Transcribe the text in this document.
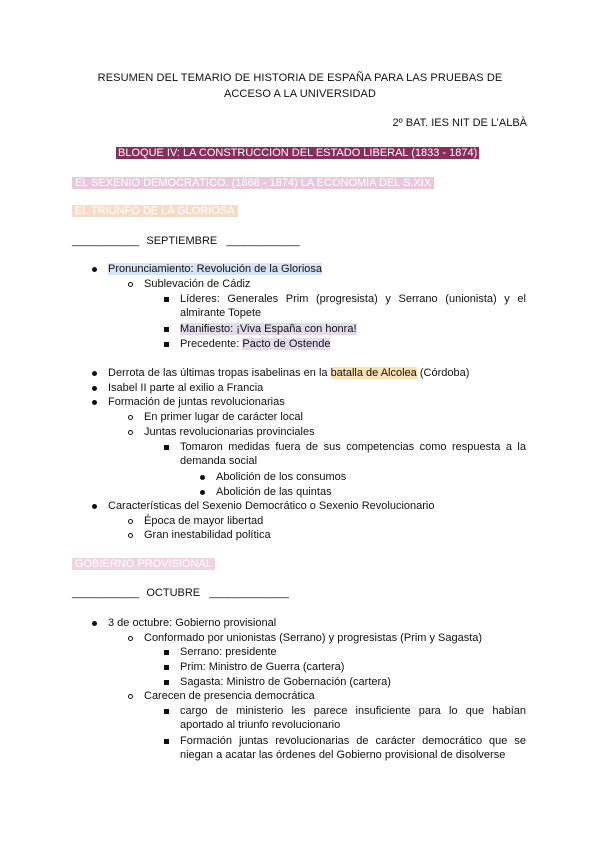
RESUMEN DEL TEMARIO DE HISTORIA DE ESPAÑA PARA LAS PRUEBAS DE
ACCESO A LA UNIVERSIDAD
2º BAT. IES NIT DE L’ALBÀ
BLOQUE IV: LA CONSTRUCCIÓN DEL ESTADO LIBERAL (1833 - 1874)
EL SEXENIO DEMOCRÁTICO. (1868 - 1874) LA ECONOMÍA DEL S.XIX
EL TRIUNFO DE LA GLORIOSA
___________ SEPTIEMBRE ____________
Pronunciamiento: Revolución de la Gloriosa
Sublevación de Cádiz
Líderes: Generales Prim (progresista) y Serrano (unionista) y el almirante Topete
Manifiesto: ¡Viva España con honra!
Precedente: Pacto de Ostende
Derrota de las últimas tropas isabelinas en la batalla de Alcolea (Córdoba)
Isabel II parte al exilio a Francia
Formación de juntas revolucionarias
En primer lugar de carácter local
Juntas revolucionarias provinciales
Tomaron medidas fuera de sus competencias como respuesta a la demanda social
Abolición de los consumos
Abolición de las quintas
Características del Sexenio Democrático o Sexenio Revolucionario
Época de mayor libertad
Gran inestabilidad política
GOBIERNO PROVISIONAL
___________ OCTUBRE _____________
3 de octubre: Gobierno provisional
Conformado por unionistas (Serrano) y progresistas (Prim y Sagasta)
Serrano: presidente
Prim: Ministro de Guerra (cartera)
Sagasta: Ministro de Gobernación (cartera)
Carecen de presencia democrática
cargo de ministerio les parece insuficiente para lo que habían aportado al triunfo revolucionario
Formación juntas revolucionarias de carácter democrático que se niegan a acatar las órdenes del Gobierno provisional de disolverse
